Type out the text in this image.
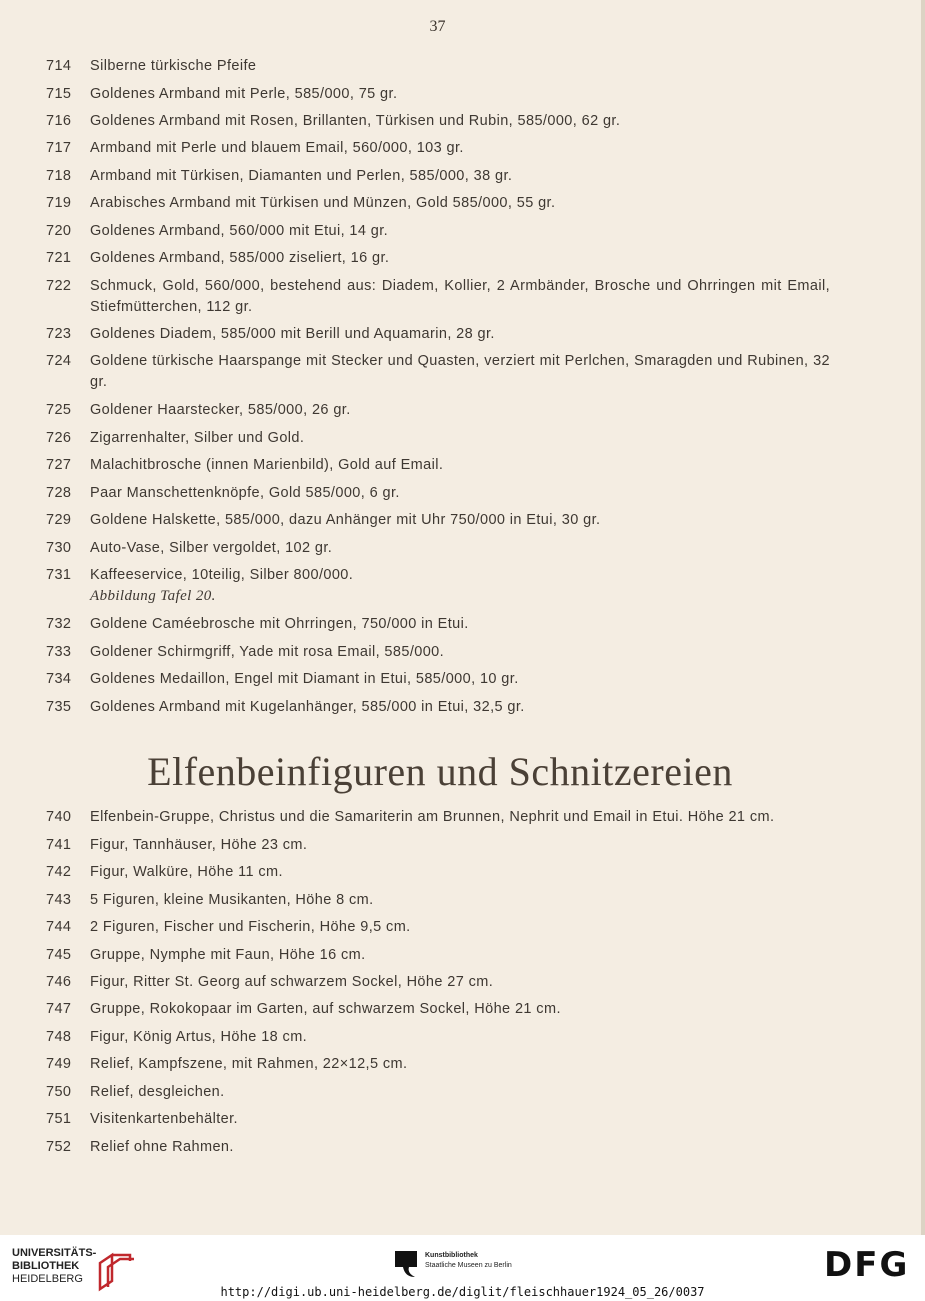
37
714	Silberne türkische Pfeife
715	Goldenes Armband mit Perle, 585/000, 75 gr.
716	Goldenes Armband mit Rosen, Brillanten, Türkisen und Rubin, 585/000, 62 gr.
717	Armband mit Perle und blauem Email, 560/000, 103 gr.
718	Armband mit Türkisen, Diamanten und Perlen, 585/000, 38 gr.
719	Arabisches Armband mit Türkisen und Münzen, Gold 585/000, 55 gr.
720	Goldenes Armband, 560/000 mit Etui, 14 gr.
721	Goldenes Armband, 585/000 ziseliert, 16 gr.
722	Schmuck, Gold, 560/000, bestehend aus: Diadem, Kollier, 2 Armbänder, Brosche und Ohrringen mit Email, Stiefmütterchen, 112 gr.
723	Goldenes Diadem, 585/000 mit Berill und Aquamarin, 28 gr.
724	Goldene türkische Haarspange mit Stecker und Quasten, verziert mit Perlchen, Smaragden und Rubinen, 32 gr.
725	Goldener Haarstecker, 585/000, 26 gr.
726	Zigarrenhalter, Silber und Gold.
727	Malachitbrosche (innen Marienbild), Gold auf Email.
728	Paar Manschettenknöpfe, Gold 585/000, 6 gr.
729	Goldene Halskette, 585/000, dazu Anhänger mit Uhr 750/000 in Etui, 30 gr.
730	Auto-Vase, Silber vergoldet, 102 gr.
731	Kaffeeservice, 10teilig, Silber 800/000.
Abbildung Tafel 20.
732	Goldene Caméebrosche mit Ohrringen, 750/000 in Etui.
733	Goldener Schirmgriff, Yade mit rosa Email, 585/000.
734	Goldenes Medaillon, Engel mit Diamant in Etui, 585/000, 10 gr.
735	Goldenes Armband mit Kugelanhänger, 585/000 in Etui, 32,5 gr.
Elfenbeinfiguren und Schnitzereien
740	Elfenbein-Gruppe, Christus und die Samariterin am Brunnen, Nephrit und Email in Etui. Höhe 21 cm.
741	Figur, Tannhäuser, Höhe 23 cm.
742	Figur, Walküre, Höhe 11 cm.
743	5 Figuren, kleine Musikanten, Höhe 8 cm.
744	2 Figuren, Fischer und Fischerin, Höhe 9,5 cm.
745	Gruppe, Nymphe mit Faun, Höhe 16 cm.
746	Figur, Ritter St. Georg auf schwarzem Sockel, Höhe 27 cm.
747	Gruppe, Rokokopaar im Garten, auf schwarzem Sockel, Höhe 21 cm.
748	Figur, König Artus, Höhe 18 cm.
749	Relief, Kampfszene, mit Rahmen, 22×12,5 cm.
750	Relief, desgleichen.
751	Visitenkartenbehälter.
752	Relief ohne Rahmen.
UNIVERSITÄTS-
BIBLIOTHEK
HEIDELBERG
Kunstbibliothek
Staatliche Museen zu Berlin	DFG
http://digi.ub.uni-heidelberg.de/diglit/fleischhauer1924_05_26/0037
